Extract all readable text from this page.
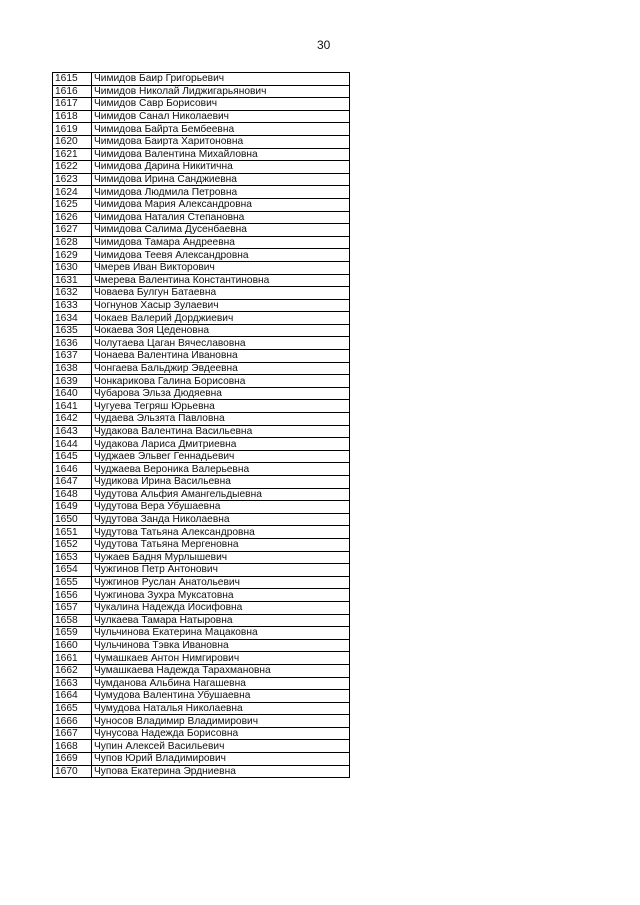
30
1615	Чимидов Баир Григорьевич
1616	Чимидов Николай Лиджигарьянович
1617	Чимидов Савр Борисович
1618	Чимидов Санал Николаевич
1619	Чимидова Байрта Бембеевна
1620	Чимидова Баирта Харитоновна
1621	Чимидова Валентина Михайловна
1622	Чимидова Дарина Никитична
1623	Чимидова Ирина Санджиевна
1624	Чимидова Людмила Петровна
1625	Чимидова Мария Александровна
1626	Чимидова Наталия Степановна
1627	Чимидова Салима Дусенбаевна
1628	Чимидова Тамара Андреевна
1629	Чимидова Теевя Александровна
1630	Чмерев Иван Викторович
1631	Чмерева Валентина Константиновна
1632	Човаева Булгун Батаевна
1633	Чогнунов Хасыр Зулаевич
1634	Чокаев Валерий Дорджиевич
1635	Чокаева Зоя Цеденовна
1636	Чолутаева Цаган Вячеславовна
1637	Чонаева Валентина Ивановна
1638	Чонгаева Бальджир Эвдеевна
1639	Чонкарикова Галина Борисовна
1640	Чубарова Эльза Дюдяевна
1641	Чугуева Тегряш Юрьевна
1642	Чудаева Эльзята Павловна
1643	Чудакова Валентина Васильевна
1644	Чудакова Лариса Дмитриевна
1645	Чуджаев Эльвег Геннадьевич
1646	Чуджаева Вероника Валерьевна
1647	Чудикова Ирина Васильевна
1648	Чудутова Альфия Амангельдыевна
1649	Чудутова Вера Убушаевна
1650	Чудутова Занда Николаевна
1651	Чудутова Татьяна Александровна
1652	Чудутова Татьяна Мергеновна
1653	Чужаев Бадня Мурлышевич
1654	Чужгинов Петр Антонович
1655	Чужгинов Руслан Анатольевич
1656	Чужгинова Зухра Муксатовна
1657	Чукалина Надежда Иосифовна
1658	Чулкаева Тамара Натыровна
1659	Чульчинова Екатерина Мацаковна
1660	Чульчинова Тэвка Ивановна
1661	Чумашкаев Антон Нимгирович
1662	Чумашкаева Надежда Тарахмановна
1663	Чумданова Альбина Нагашевна
1664	Чумудова Валентина Убушаевна
1665	Чумудова Наталья Николаевна
1666	Чуносов Владимир Владимирович
1667	Чунусова Надежда Борисовна
1668	Чупин Алексей Васильевич
1669	Чупов Юрий Владимирович
1670	Чупова Екатерина Эрдниевна
